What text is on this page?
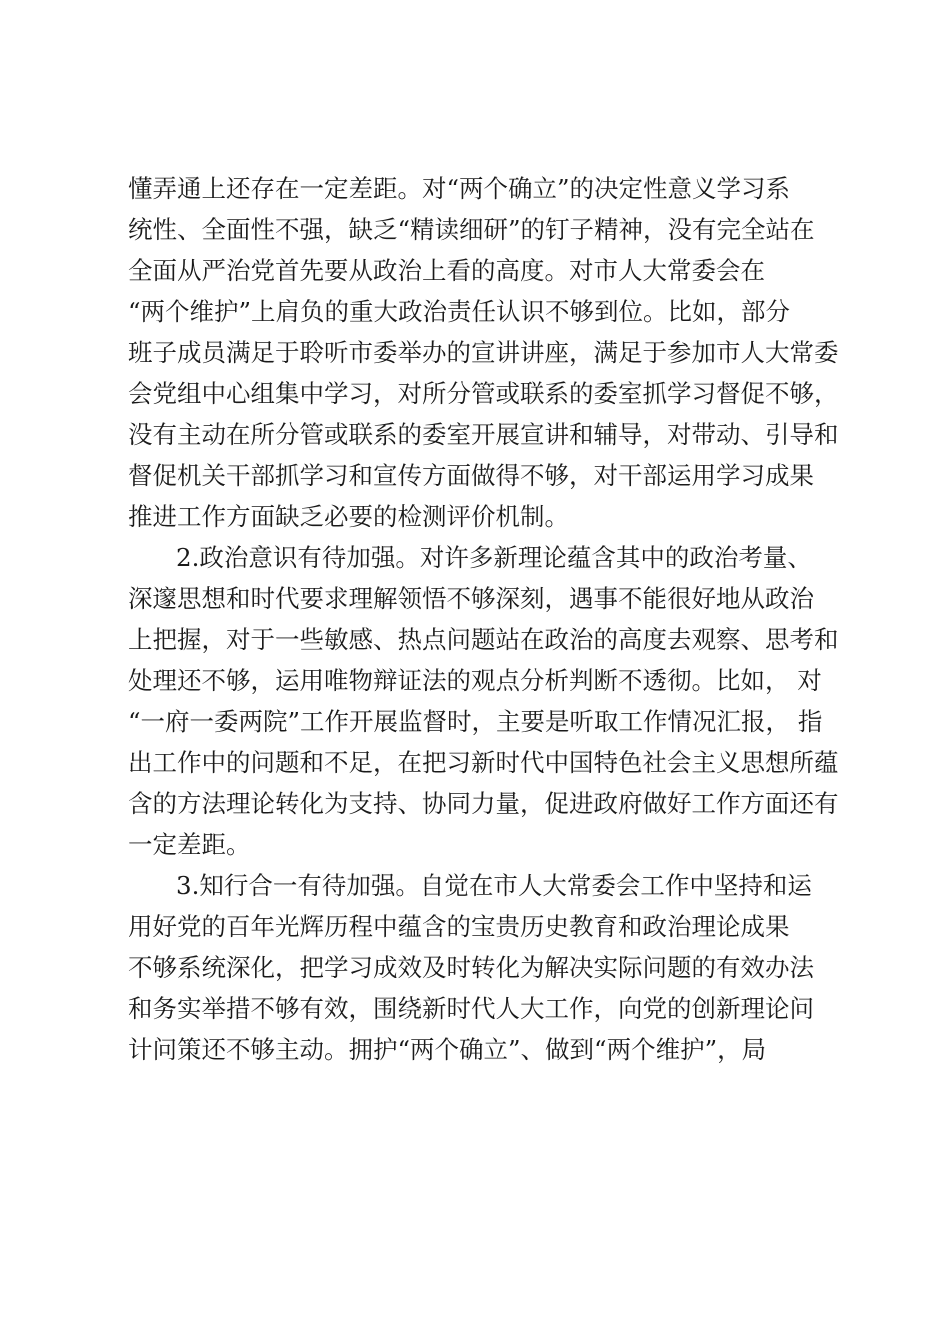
懂弄通上还存在一定差距。对“两个确立”的决定性意义学习系
统性、全面性不强，缺乏“精读细研”的钉子精神，没有完全站在
全面从严治党首先要从政治上看的高度。对市人大常委会在
“两个维护”上肩负的重大政治责任认识不够到位。比如，部分
班子成员满足于聆听市委举办的宣讲讲座，满足于参加市人大常委
会党组中心组集中学习，对所分管或联系的委室抓学习督促不够，
没有主动在所分管或联系的委室开展宣讲和辅导，对带动、引导和
督促机关干部抓学习和宣传方面做得不够，对干部运用学习成果
推进工作方面缺乏必要的检测评价机制。
2.政治意识有待加强。对许多新理论蕴含其中的政治考量、
深邃思想和时代要求理解领悟不够深刻，遇事不能很好地从政治
上把握，对于一些敏感、热点问题站在政治的高度去观察、思考和
处理还不够，运用唯物辩证法的观点分析判断不透彻。比如， 对
“一府一委两院”工作开展监督时，主要是听取工作情况汇报， 指
出工作中的问题和不足，在把习新时代中国特色社会主义思想所蕴
含的方法理论转化为支持、协同力量，促进政府做好工作方面还有
一定差距。
3.知行合一有待加强。自觉在市人大常委会工作中坚持和运
用好党的百年光辉历程中蕴含的宝贵历史教育和政治理论成果
不够系统深化，把学习成效及时转化为解决实际问题的有效办法
和务实举措不够有效，围绕新时代人大工作，向党的创新理论问
计问策还不够主动。拥护“两个确立”、做到“两个维护”，局
